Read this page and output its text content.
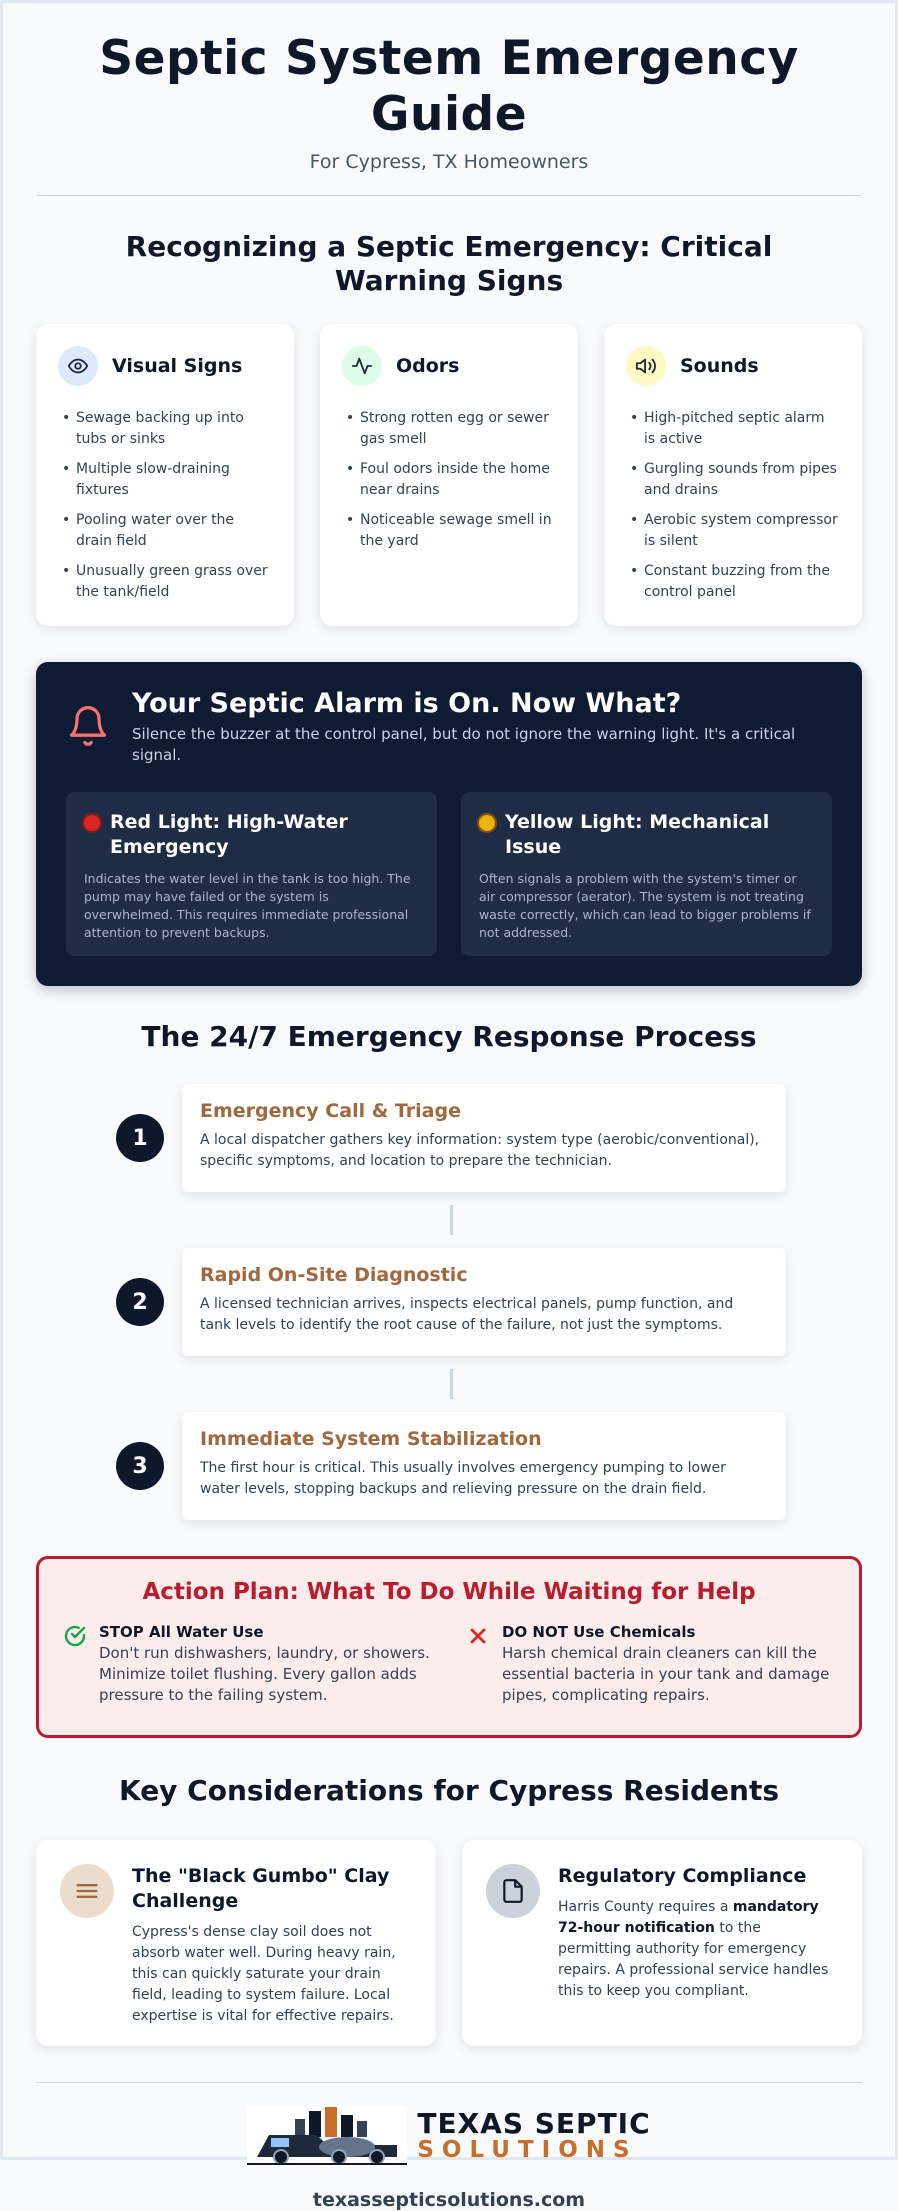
Septic System Emergency Guide
For Cypress, TX Homeowners
Recognizing a Septic Emergency: Critical Warning Signs
Visual Signs
• Sewage backing up into tubs or sinks
• Multiple slow-draining fixtures
• Pooling water over the drain field
• Unusually green grass over the tank/field
Odors
• Strong rotten egg or sewer gas smell
• Foul odors inside the home near drains
• Noticeable sewage smell in the yard
Sounds
• High-pitched septic alarm is active
• Gurgling sounds from pipes and drains
• Aerobic system compressor is silent
• Constant buzzing from the control panel
Your Septic Alarm is On. Now What?

Silence the buzzer at the control panel, but do not ignore the warning light. It's a critical signal.

Red Light: High-Water Emergency

Indicates the water level in the tank is too high. The pump may have failed or the system is overwhelmed. This requires immediate professional attention to prevent backups.

Yellow Light: Mechanical Issue

Often signals a problem with the system's timer or air compressor (aerator). The system is not treating waste correctly, which can lead to bigger problems if not addressed.

The 24/7 Emergency Response Process
1
Emergency Call & Triage

A local dispatcher gathers key information: system type (aerobic/conventional), specific symptoms, and location to prepare the technician.

2
Rapid On-Site Diagnostic

A licensed technician arrives, inspects electrical panels, pump function, and tank levels to identify the root cause of the failure, not just the symptoms.

3
Immediate System Stabilization

The first hour is critical. This usually involves emergency pumping to lower water levels, stopping backups and relieving pressure on the drain field.

Action Plan: What To Do While Waiting for Help
STOP All Water Use

Don't run dishwashers, laundry, or showers. Minimize toilet flushing. Every gallon adds pressure to the failing system.

DO NOT Use Chemicals

Harsh chemical drain cleaners can kill the essential bacteria in your tank and damage pipes, complicating repairs.

Key Considerations for Cypress Residents
The "Black Gumbo" Clay Challenge

Cypress's dense clay soil does not absorb water well. During heavy rain, this can quickly saturate your drain field, leading to system failure. Local expertise is vital for effective repairs.

Regulatory Compliance

Harris County requires a mandatory 72-hour notification to the permitting authority for emergency repairs. A professional service handles this to keep you compliant.

TEXAS SEPTIC
SOLUTIONS
texassepticsolutions.com
